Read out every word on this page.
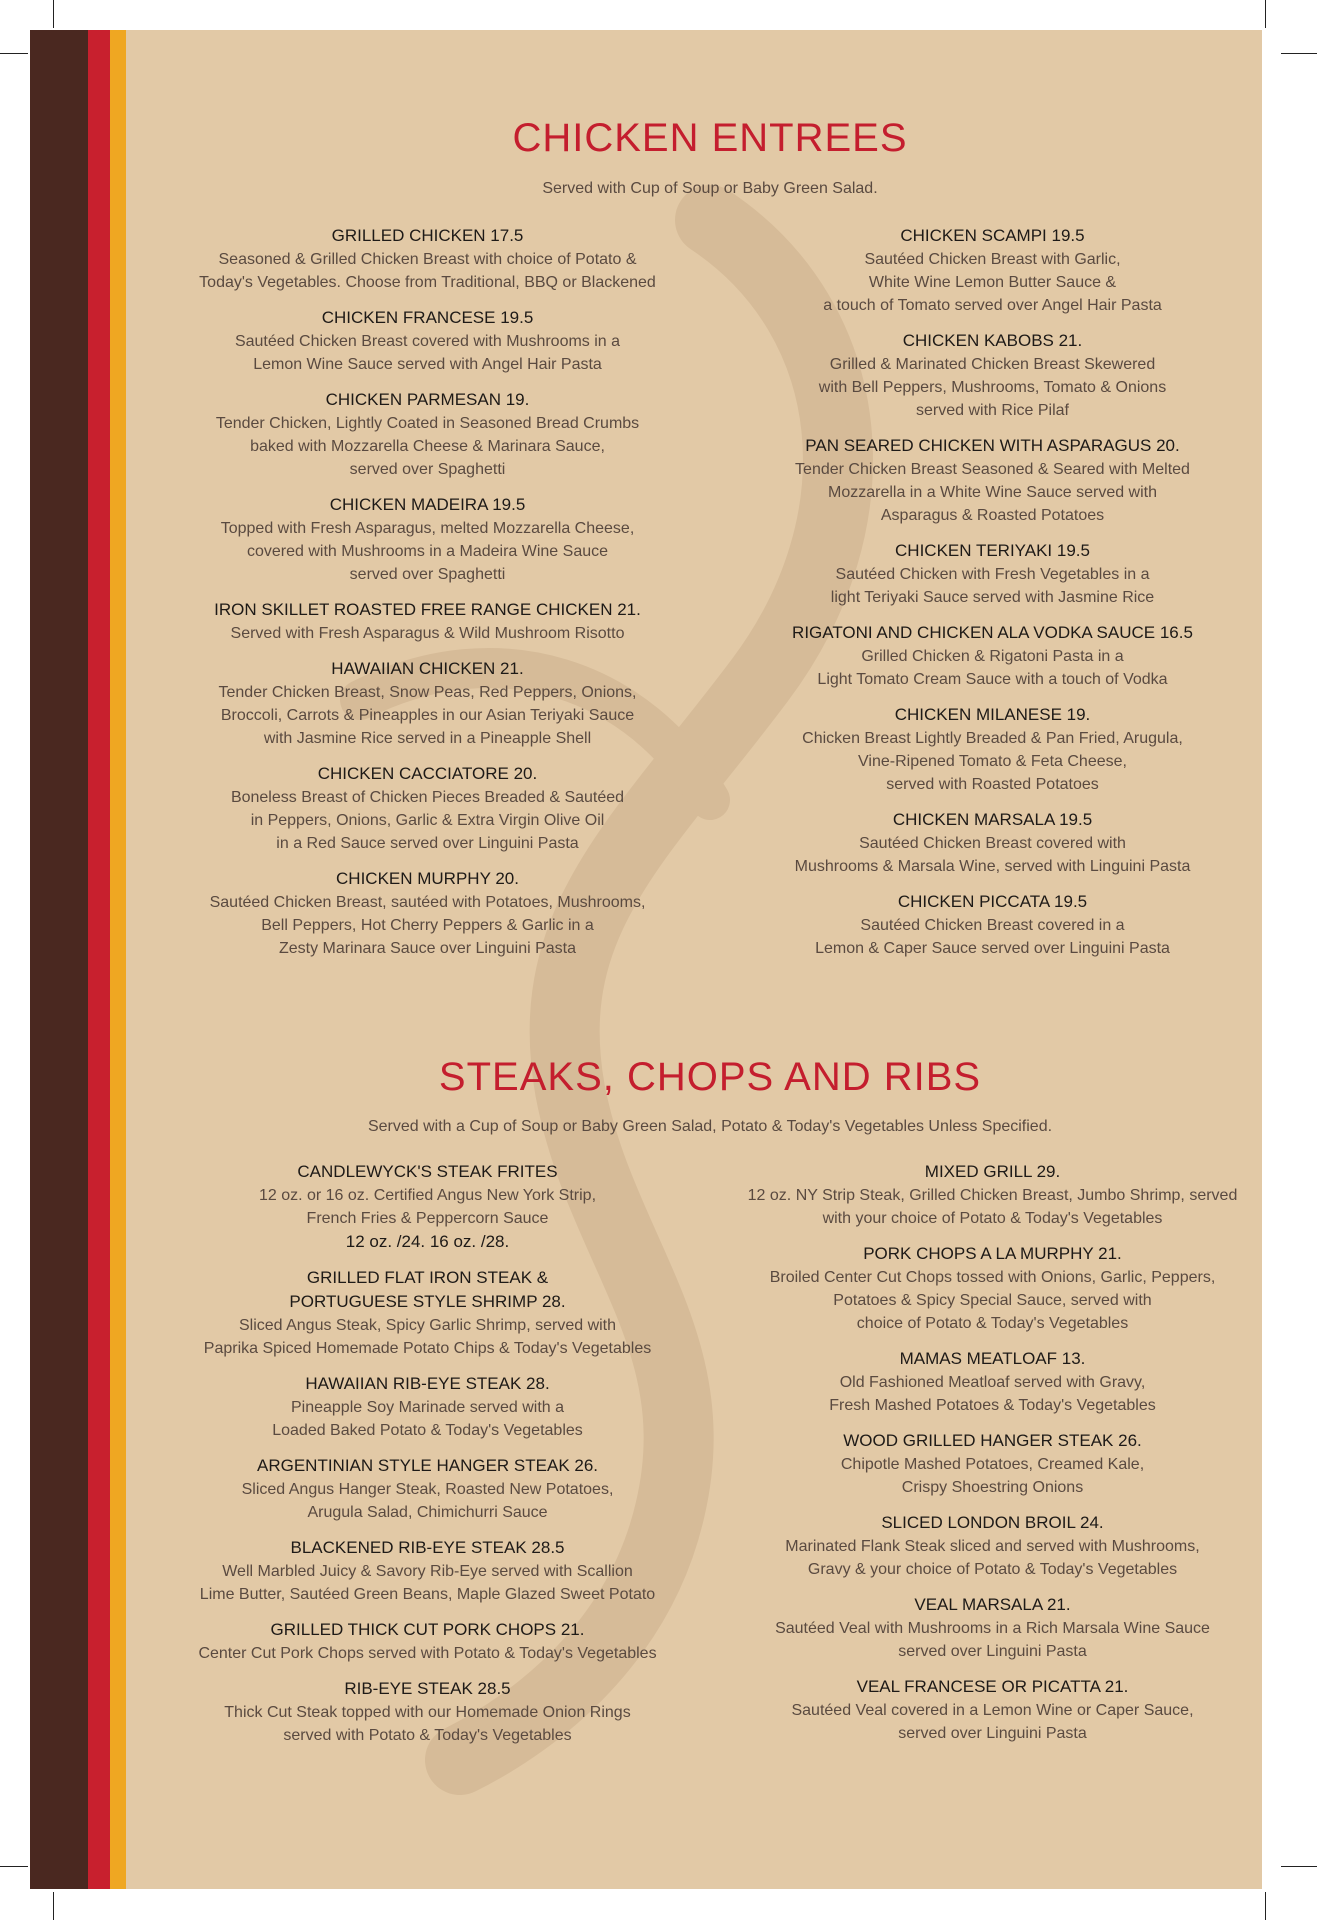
CHICKEN ENTREES
Served with Cup of Soup or Baby Green Salad.
GRILLED CHICKEN 17.5
Seasoned & Grilled Chicken Breast with choice of Potato &
Today's Vegetables. Choose from Traditional, BBQ or Blackened
CHICKEN FRANCESE 19.5
Sautéed Chicken Breast covered with Mushrooms in a
Lemon Wine Sauce served with Angel Hair Pasta
CHICKEN PARMESAN 19.
Tender Chicken, Lightly Coated in Seasoned Bread Crumbs
baked with Mozzarella Cheese & Marinara Sauce,
served over Spaghetti
CHICKEN MADEIRA 19.5
Topped with Fresh Asparagus, melted Mozzarella Cheese,
covered with Mushrooms in a Madeira Wine Sauce
served over Spaghetti
IRON SKILLET ROASTED FREE RANGE CHICKEN 21.
Served with Fresh Asparagus & Wild Mushroom Risotto
HAWAIIAN CHICKEN 21.
Tender Chicken Breast, Snow Peas, Red Peppers, Onions,
Broccoli, Carrots & Pineapples in our Asian Teriyaki Sauce
with Jasmine Rice served in a Pineapple Shell
CHICKEN CACCIATORE 20.
Boneless Breast of Chicken Pieces Breaded & Sautéed
in Peppers, Onions, Garlic & Extra Virgin Olive Oil
in a Red Sauce served over Linguini Pasta
CHICKEN MURPHY 20.
Sautéed Chicken Breast, sautéed with Potatoes, Mushrooms,
Bell Peppers, Hot Cherry Peppers & Garlic in a
Zesty Marinara Sauce over Linguini Pasta
CHICKEN SCAMPI 19.5
Sautéed Chicken Breast with Garlic,
White Wine Lemon Butter Sauce &
a touch of Tomato served over Angel Hair Pasta
CHICKEN KABOBS 21.
Grilled & Marinated Chicken Breast Skewered
with Bell Peppers, Mushrooms, Tomato & Onions
served with Rice Pilaf
PAN SEARED CHICKEN WITH ASPARAGUS 20.
Tender Chicken Breast Seasoned & Seared with Melted
Mozzarella in a White Wine Sauce served with
Asparagus & Roasted Potatoes
CHICKEN TERIYAKI 19.5
Sautéed Chicken with Fresh Vegetables in a
light Teriyaki Sauce served with Jasmine Rice
RIGATONI AND CHICKEN ALA VODKA SAUCE 16.5
Grilled Chicken & Rigatoni Pasta in a
Light Tomato Cream Sauce with a touch of Vodka
CHICKEN MILANESE 19.
Chicken Breast Lightly Breaded & Pan Fried, Arugula,
Vine-Ripened Tomato & Feta Cheese,
served with Roasted Potatoes
CHICKEN MARSALA 19.5
Sautéed Chicken Breast covered with
Mushrooms & Marsala Wine, served with Linguini Pasta
CHICKEN PICCATA 19.5
Sautéed Chicken Breast covered in a
Lemon & Caper Sauce served over Linguini Pasta
STEAKS, CHOPS AND RIBS
Served with a Cup of Soup or Baby Green Salad, Potato & Today's Vegetables Unless Specified.
CANDLEWYCK'S STEAK FRITES
12 oz. or 16 oz. Certified Angus New York Strip,
French Fries & Peppercorn Sauce
12 oz. /24. 16 oz. /28.
GRILLED FLAT IRON STEAK &
PORTUGUESE STYLE SHRIMP 28.
Sliced Angus Steak, Spicy Garlic Shrimp, served with
Paprika Spiced Homemade Potato Chips & Today's Vegetables
HAWAIIAN RIB-EYE STEAK 28.
Pineapple Soy Marinade served with a
Loaded Baked Potato & Today's Vegetables
ARGENTINIAN STYLE HANGER STEAK 26.
Sliced Angus Hanger Steak, Roasted New Potatoes,
Arugula Salad, Chimichurri Sauce
BLACKENED RIB-EYE STEAK 28.5
Well Marbled Juicy & Savory Rib-Eye served with Scallion
Lime Butter, Sautéed Green Beans, Maple Glazed Sweet Potato
GRILLED THICK CUT PORK CHOPS 21.
Center Cut Pork Chops served with Potato & Today's Vegetables
RIB-EYE STEAK 28.5
Thick Cut Steak topped with our Homemade Onion Rings
served with Potato & Today's Vegetables
MIXED GRILL 29.
12 oz. NY Strip Steak, Grilled Chicken Breast, Jumbo Shrimp, served
with your choice of Potato & Today's Vegetables
PORK CHOPS A LA MURPHY 21.
Broiled Center Cut Chops tossed with Onions, Garlic, Peppers,
Potatoes & Spicy Special Sauce, served with
choice of Potato & Today's Vegetables
MAMAS MEATLOAF 13.
Old Fashioned Meatloaf served with Gravy,
Fresh Mashed Potatoes & Today's Vegetables
WOOD GRILLED HANGER STEAK 26.
Chipotle Mashed Potatoes, Creamed Kale,
Crispy Shoestring Onions
SLICED LONDON BROIL 24.
Marinated Flank Steak sliced and served with Mushrooms,
Gravy & your choice of Potato & Today's Vegetables
VEAL MARSALA 21.
Sautéed Veal with Mushrooms in a Rich Marsala Wine Sauce
served over Linguini Pasta
VEAL FRANCESE OR PICATTA 21.
Sautéed Veal covered in a Lemon Wine or Caper Sauce,
served over Linguini Pasta
